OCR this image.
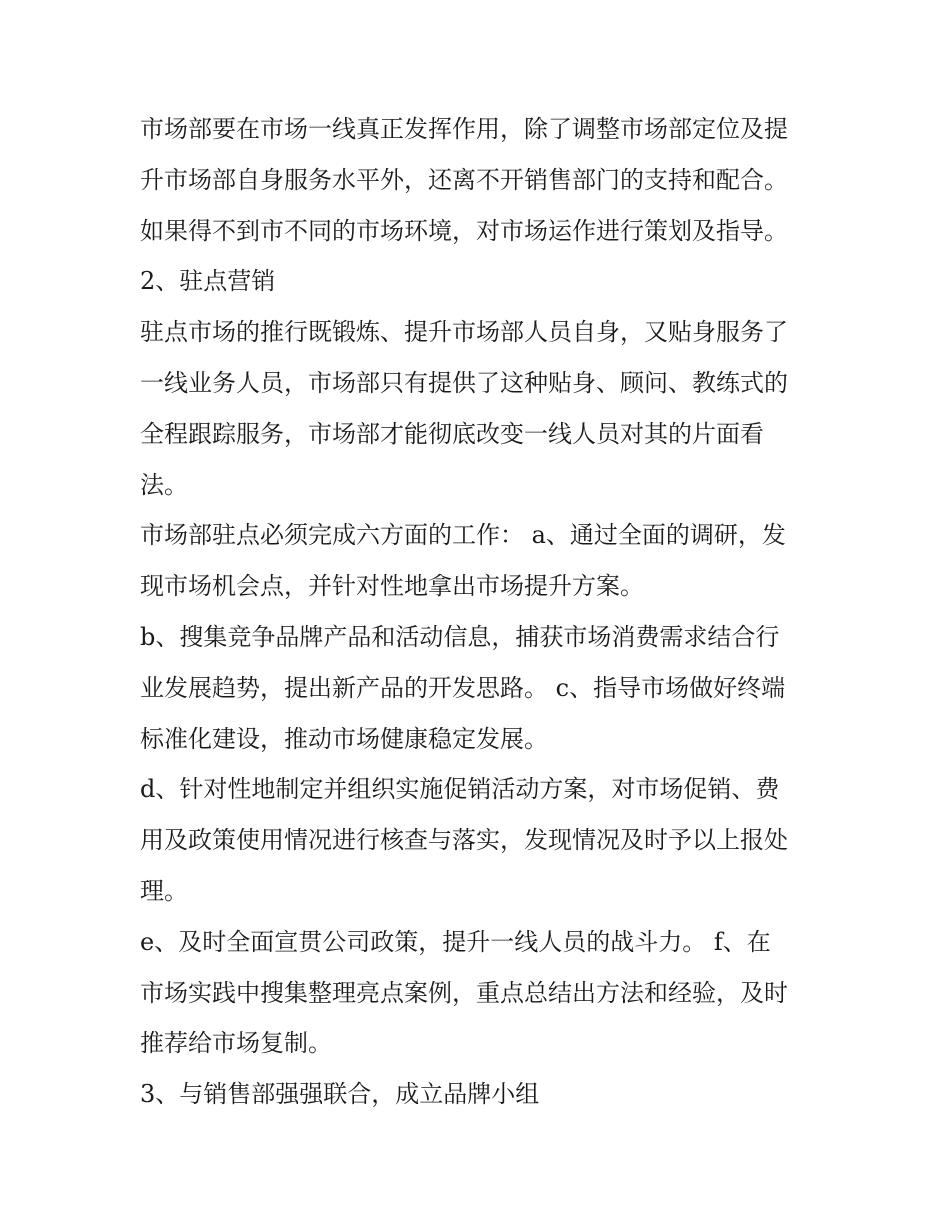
市场部要在市场一线真正发挥作用，除了调整市场部定位及提
升市场部自身服务水平外，还离不开销售部门的支持和配合。
如果得不到市不同的市场环境，对市场运作进行策划及指导。

2、驻点营销

驻点市场的推行既锻炼、提升市场部人员自身，又贴身服务了
一线业务人员，市场部只有提供了这种贴身、顾问、教练式的
全程跟踪服务，市场部才能彻底改变一线人员对其的片面看
法。

市场部驻点必须完成六方面的工作： a、通过全面的调研，发
现市场机会点，并针对性地拿出市场提升方案。

b、搜集竞争品牌产品和活动信息，捕获市场消费需求结合行
业发展趋势，提出新产品的开发思路。 c、指导市场做好终端
标准化建设，推动市场健康稳定发展。

d、针对性地制定并组织实施促销活动方案，对市场促销、费
用及政策使用情况进行核查与落实，发现情况及时予以上报处
理。

e、及时全面宣贯公司政策，提升一线人员的战斗力。 f、在
市场实践中搜集整理亮点案例，重点总结出方法和经验，及时
推荐给市场复制。

3、与销售部强强联合，成立品牌小组
